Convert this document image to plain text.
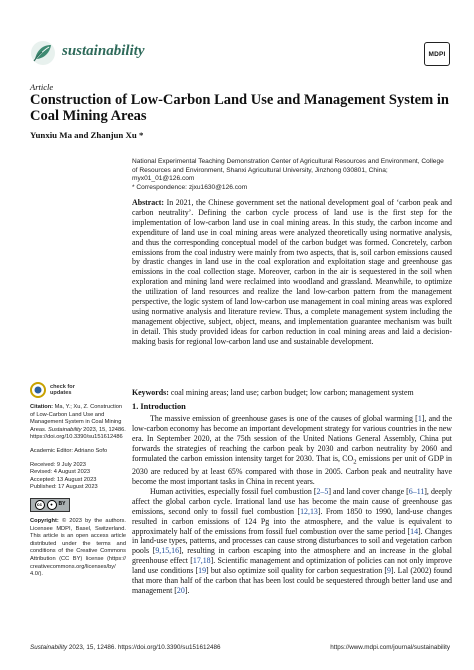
sustainability	MDPI
Article
Construction of Low-Carbon Land Use and Management System in Coal Mining Areas
Yunxiu Ma and Zhanjun Xu *
National Experimental Teaching Demonstration Center of Agricultural Resources and Environment, College of Resources and Environment, Shanxi Agricultural University, Jinzhong 030801, China; myx01_01@126.com
* Correspondence: zjxu1630@126.com
Abstract: In 2021, the Chinese government set the national development goal of ‘carbon peak and carbon neutrality’. Defining the carbon cycle process of land use is the first step for the implementation of low-carbon land use in coal mining areas. In this study, the carbon income and expenditure of land use in coal mining areas were analyzed theoretically using normative analysis, and thus the corresponding conceptual model of the carbon budget was formed. Concretely, carbon emissions from the coal industry were mainly from two aspects, that is, soil carbon emissions caused by drastic changes in land use in the coal exploration and exploitation stage and greenhouse gas emissions in the coal collection stage. Moreover, carbon in the air is sequestered in the soil when exploration and mining land were reclaimed into woodland and grassland. Meanwhile, to optimize the utilization of land resources and realize the land low-carbon pattern from the management perspective, the logic system of land low-carbon use management in coal mining areas was explored using normative analysis and literature review. Thus, a complete management system including the management objective, subject, object, means, and implementation guarantee mechanism was built in detail. This study provided ideas for carbon reduction in coal mining areas and laid a decision-making basis for regional low-carbon land use and sustainable development.
Keywords: coal mining areas; land use; carbon budget; low carbon; management system
check for
updates
Citation: Ma, Y.; Xu, Z. Construction of Low-Carbon Land Use and Management System in Coal Mining Areas. Sustainability 2023, 15, 12486. https://doi.org/10.3390/su151612486
Academic Editor: Adriano Sofo
Received: 9 July 2023
Revised: 4 August 2023
Accepted: 13 August 2023
Published: 17 August 2023
cc	●	BY
Copyright: © 2023 by the authors. Licensee MDPI, Basel, Switzerland. This article is an open access article distributed under the terms and conditions of the Creative Commons Attribution (CC BY) license (https:// creativecommons.org/licenses/by/ 4.0/).
1. Introduction

The massive emission of greenhouse gases is one of the causes of global warming [1], and the low-carbon economy has become an important development strategy for various countries in the new era. In September 2020, at the 75th session of the United Nations General Assembly, China put forwards the strategies of reaching the carbon peak by 2030 and carbon neutrality by 2060 and formulated the carbon emission intensity target for 2030. That is, $CO_2$ emissions per unit of GDP in 2030 are reduced by at least 65% compared with those in 2005. Carbon peak and neutrality have become the most important tasks in China in recent years.

Human activities, especially fossil fuel combustion [2–5] and land cover change [6–11], deeply affect the global carbon cycle. Irrational land use has become the main cause of greenhouse gas emissions, second only to fossil fuel combustion [12,13]. From 1850 to 1990, land-use changes resulted in carbon emissions of 124 Pg into the atmosphere, and the value is equivalent to approximately half of the emissions from fossil fuel combustion over the same period [14]. Changes in land-use types, patterns, and processes can cause strong disturbances to soil and vegetation carbon pools [9,15,16], resulting in carbon escaping into the atmosphere and an increase in the global greenhouse effect [17,18]. Scientific management and optimization of policies can not only improve land use conditions [19] but also optimize soil quality for carbon sequestration [9]. Lal (2002) found that more than half of the carbon that has been lost could be sequestered through better land use and management [20].

Sustainability 2023, 15, 12486. https://doi.org/10.3390/su151612486	https://www.mdpi.com/journal/sustainability
